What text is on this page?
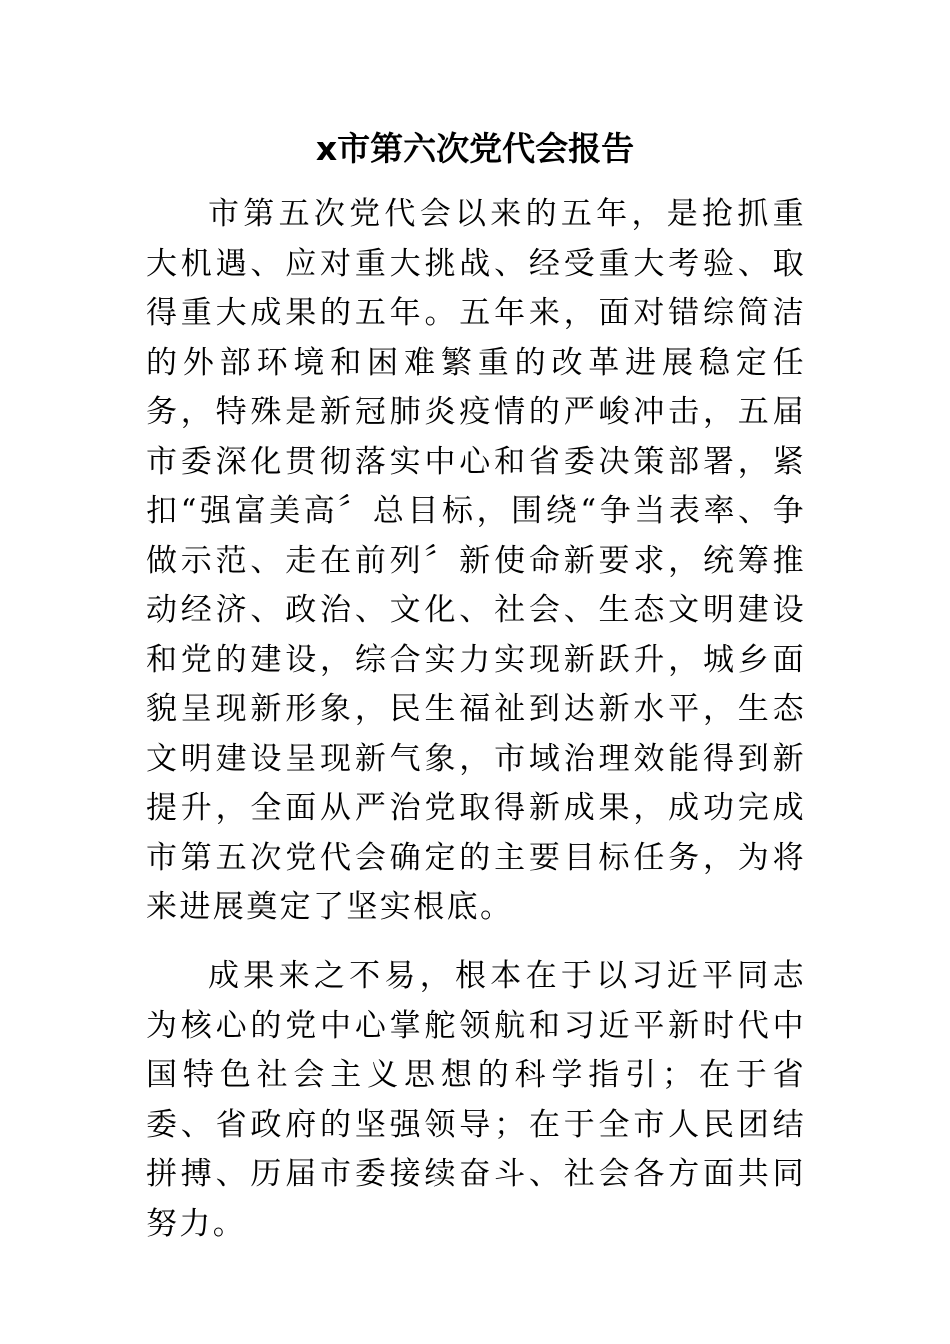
x市第六次党代会报告

市第五次党代会以来的五年，是抢抓重大机遇、应对重大挑战、经受重大考验、取得重大成果的五年。五年来，面对错综简洁的外部环境和困难繁重的改革进展稳定任务，特殊是新冠肺炎疫情的严峻冲击，五届市委深化贯彻落实中心和省委决策部署，紧扣“强富美高〞总目标，围绕“争当表率、争做示范、走在前列〞新使命新要求，统筹推动经济、政治、文化、社会、生态文明建设和党的建设，综合实力实现新跃升，城乡面貌呈现新形象，民生福祉到达新水平，生态文明建设呈现新气象，市域治理效能得到新提升，全面从严治党取得新成果，成功完成市第五次党代会确定的主要目标任务，为将来进展奠定了坚实根底。

成果来之不易，根本在于以习近平同志为核心的党中心掌舵领航和习近平新时代中国特色社会主义思想的科学指引；在于省委、省政府的坚强领导；在于全市人民团结拼搏、历届市委接续奋斗、社会各方面共同努力。
